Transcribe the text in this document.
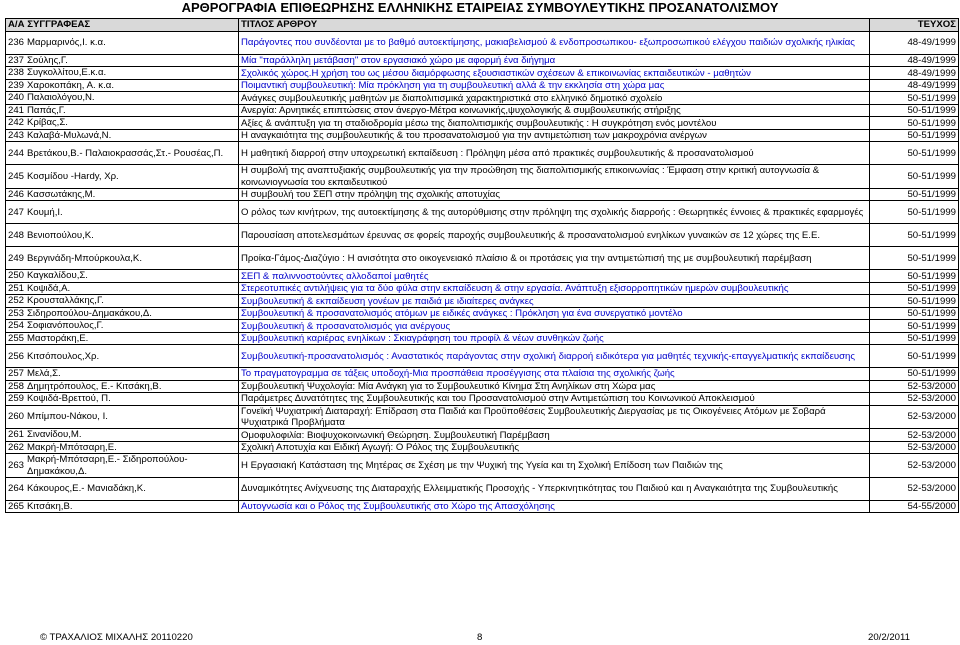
ΑΡΘΡΟΓΡΑΦΙΑ ΕΠΙΘΕΩΡΗΣΗΣ ΕΛΛΗΝΙΚΗΣ ΕΤΑΙΡΕΙΑΣ ΣΥΜΒΟΥΛΕΥΤΙΚΗΣ ΠΡΟΣΑΝΑΤΟΛΙΣΜΟΥ
Α/Α ΣΥΓΓΡΑΦΕΑΣ	ΤΙΤΛΟΣ ΑΡΘΡΟΥ	ΤΕΥΧΟΣ
236 Μαρμαρινός,Ι. κ.α.	Παράγοντες που συνδέονται με το βαθμό αυτοεκτίμησης, μακιαβελισμού & ενδοπροσωπικου- εξωπροσωπικού ελέγχου παιδιών σχολικής ηλικίας	48-49/1999
237 Σούλης,Γ.	Μία "παράλληλη μετάβαση" στον εργασιακό χώρο με αφορμή ένα διήγημα	48-49/1999
238 Συγκολλίτου,Ε.κ.α.	Σχολικός χώρος.Η χρήση του ως μέσου διαμόρφωσης εξουσιαστικών σχέσεων & επικοινωνίας εκπαιδευτικών - μαθητών	48-49/1999
239 Χαροκοπάκη, Α. κ.α.	Ποιμαντική συμβουλευτική: Μία πρόκληση για τη συμβουλευτική αλλά & την εκκλησία στη χώρα μας	48-49/1999
240 Παλαιολόγου,Ν.	Ανάγκες συμβουλευτικής μαθητών με διαπολιτισμικά χαρακτηριστικά στο ελληνικό δημοτικό σχολείο	50-51/1999
241 Παπάς,Γ.	Ανεργία: Αρνητικές επιπτώσεις στον άνεργο-Μέτρα κοινωνικής,ψυχολογικής & συμβουλευτικής στήριξης	50-51/1999
242 Κρίβας,Σ.	Αξίες & ανάπτυξη για τη σταδιοδρομία μέσω της διαπολιτισμικής συμβουλευτικής : Η συγκρότηση ενός μοντέλου	50-51/1999
243 Καλαβά-Μυλωνά,Ν.	Η αναγκαιότητα της συμβουλευτικής & του προσανατολισμού για την αντιμετώπιση των μακροχρόνια ανέργων	50-51/1999
244 Βρετάκου,Β.- Παλαιοκρασσάς,Στ.- Ρουσέας,Π.	Η μαθητική διαρροή στην υποχρεωτική εκπαίδευση : Πρόληψη μέσα από πρακτικές συμβουλευτικής & προσανατολισμού	50-51/1999
245 Κοσμίδου -Hardy, Χρ.	Η συμβολή της αναπτυξιακής συμβουλευτικής για την προώθηση της διαπολιτισμικής επικοινωνίας : Έμφαση στην κριτική αυτογνωσία & κοινωνιογνωσία του εκπαιδευτικού	50-51/1999
246 Κασσωτάκης,Μ.	Η συμβουλή του ΣΕΠ στην πρόληψη της σχολικής αποτυχίας	50-51/1999
247 Κουμή,Ι.	Ο ρόλος των κινήτρων, της αυτοεκτίμησης & της αυτορύθμισης στην πρόληψη της σχολικής διαρροής : Θεωρητικές έννοιες & πρακτικές εφαρμογές	50-51/1999
248 Βενιοπούλου,Κ.	Παρουσίαση αποτελεσμάτων έρευνας σε φορείς παροχής συμβουλευτικής & προσανατολισμού ενηλίκων γυναικών σε 12 χώρες της Ε.Ε.	50-51/1999
249 Βεργινάδη-Μπούρκουλα,Κ.	Προίκα-Γάμος-Διαζύγιο : Η ανισότητα στο οικογενειακό πλαίσιο & οι προτάσεις για την αντιμετώπισή της με συμβουλευτική παρέμβαση	50-51/1999
250 Καγκαλίδου,Σ.	ΣΕΠ & παλιννοστούντες αλλοδαποί μαθητές	50-51/1999
251 Κοψιδά,Α.	Στερεοτυπικές αντιλήψεις για τα δύο φύλα στην εκπαίδευση & στην εργασία. Ανάπτυξη εξισορροπητικών ημερών συμβουλευτικής	50-51/1999
252 Κρουσταλλάκης,Γ.	Συμβουλευτική & εκπαίδευση γονέων με παιδιά με ιδιαίτερες ανάγκες	50-51/1999
253 Σιδηροπούλου-Δημακάκου,Δ.	Συμβουλευτική & προσανατολισμός ατόμων με ειδικές ανάγκες : Πρόκληση για ένα συνεργατικό μοντέλο	50-51/1999
254 Σοφιανόπουλος,Γ.	Συμβουλευτική & προσανατολισμός για ανέργους	50-51/1999
255 Μαστοράκη,Ε.	Συμβουλευτική καριέρας ενηλίκων : Σκιαγράφηση του προφίλ & νέων συνθηκών ζωής	50-51/1999
256 Κιτσόπουλος,Χρ.	Συμβουλευτική-προσανατολισμός : Αναστατικός παράγοντας στην σχολική διαρροή ειδικότερα για μαθητές τεχνικής-επαγγελματικής εκπαίδευσης	50-51/1999
257 Μελά,Σ.	Το πραγματογραμμα σε τάξεις υποδοχή-Μια προσπάθεια προσέγγισης στα πλαίσια της σχολικής ζωής	50-51/1999
258 Δημητρόπουλος, Ε.- Κιτσάκη,Β.	Συμβουλευτική Ψυχολογία: Μία Ανάγκη για το Συμβουλευτικό Κίνημα Στη Ανηλίκων στη Χώρα μας	52-53/2000
259 Κοψιδά-Βρεττού, Π.	Παράμετρες Δυνατότητες της Συμβουλευτικής και του Προσανατολισμού στην Αντιμετώπιση του Κοινωνικού Αποκλεισμού	52-53/2000
260 Μπίμπου-Νάκου, Ι.	Γονεϊκή Ψυχιατρική Διαταραχή: Επίδραση στα Παιδιά και Προϋποθέσεις Συμβουλευτικής Διεργασίας με τις Οικογένειες Ατόμων με Σοβαρά Ψυχιατρικά Προβλήματα	52-53/2000
261 Σινανίδου,Μ.	Ομοφυλοφιλία: Βιοψυχοκοινωνική Θεώρηση. Συμβουλευτική Παρέμβαση	52-53/2000
262 Μακρή-Μπότσαρη,Ε.	Σχολική Αποτυχία και Ειδική Αγωγή: Ο Ρόλος της Συμβουλευτικής	52-53/2000
263Μακρή-Μπότσαρη,Ε.- Σιδηροπούλου-Δημακάκου,Δ.	Η Εργασιακή Κατάσταση της Μητέρας σε Σχέση με την Ψυχική της Υγεία και τη Σχολική Επίδοση των Παιδιών της	52-53/2000
264 Κάκουρος,Ε.- Μανιαδάκη,Κ.	Δυναμικότητες Ανίχνευσης της Διαταραχής Ελλειμματικής Προσοχής - Υπερκινητικότητας του Παιδιού και η Αναγκαιότητα της Συμβουλευτικής	52-53/2000
265 Κιτσάκη,Β.	Αυτογνωσία και ο Ρόλος της Συμβουλευτικής στο Χώρο της Απασχόλησης	54-55/2000
© ΤΡΑΧΑΛΙΟΣ ΜΙΧΑΛΗΣ 20110220	8	20/2/2011
